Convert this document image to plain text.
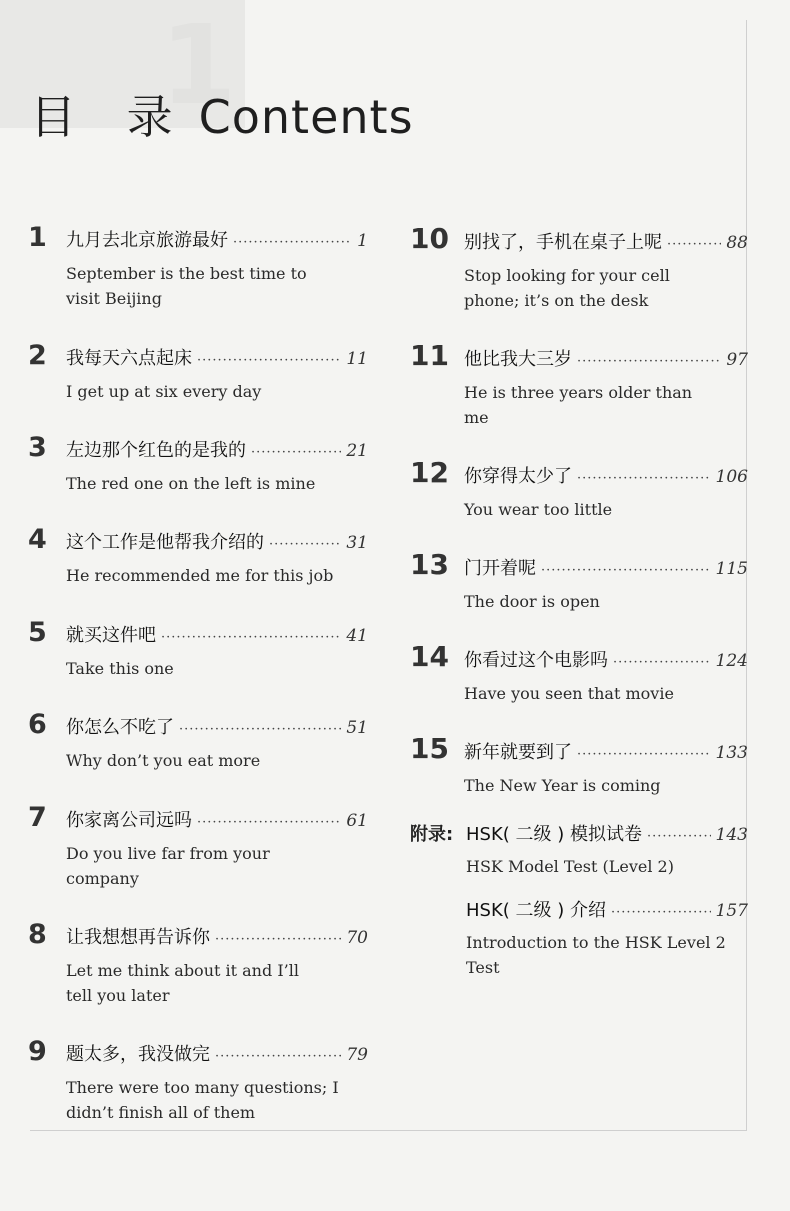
1
目 录 Contents
1	九月去北京旅游最好 ·····	1
September is the best time to
visit Beijing
2	我每天六点起床 ·····	11
I get up at six every day
3	左边那个红色的是我的 ·····	21
The red one on the left is mine
4	这个工作是他帮我介绍的 ·····	31
He recommended me for this job
5	就买这件吧 ·····	41
Take this one
6	你怎么不吃了 ·····	51
Why don’t you eat more
7	你家离公司远吗 ·····	61
Do you live far from your
company
8	让我想想再告诉你 ·····	70
Let me think about it and I’ll
tell you later
9	题太多，我没做完 ·····	79
There were too many questions; I
didn’t finish all of them
10 别找了，手机在桌子上呢 ·····	88
Stop looking for your cell
phone; it’s on the desk
11 他比我大三岁 ·····	97
He is three years older than
me
12 你穿得太少了 ·····	106
You wear too little
13 门开着呢 ·····	115
The door is open
14 你看过这个电影吗 ·····	124
Have you seen that movie
15 新年就要到了 ·····	133
The New Year is coming
附录: HSK( 二级 ) 模拟试卷 ·····	143
HSK Model Test (Level 2)
HSK( 二级 ) 介绍 ·····	157
Introduction to the HSK Level 2
Test
